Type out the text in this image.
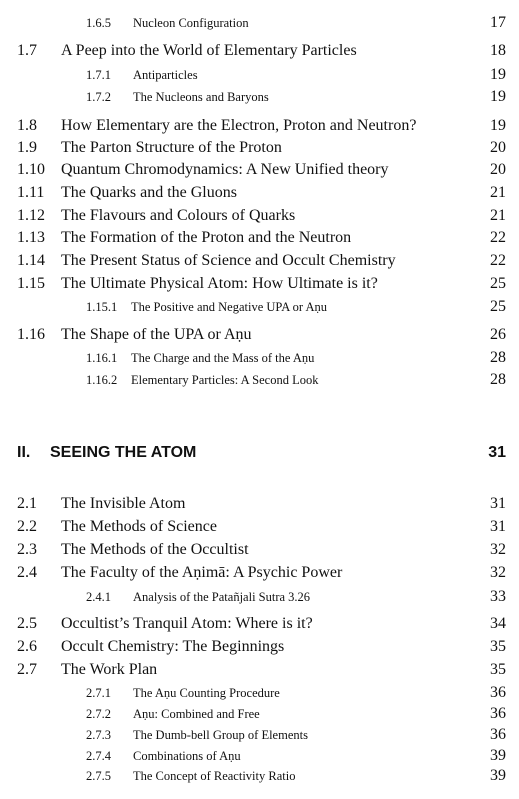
1.6.5 Nucleon Configuration	17
1.7 A Peep into the World of Elementary Particles	18
1.7.1 Antiparticles	19
1.7.2 The Nucleons and Baryons	19
1.8 How Elementary are the Electron, Proton and Neutron?	19
1.9 The Parton Structure of the Proton	20
1.10 Quantum Chromodynamics: A New Unified theory	20
1.11 The Quarks and the Gluons	21
1.12 The Flavours and Colours of Quarks	21
1.13 The Formation of the Proton and the Neutron	22
1.14 The Present Status of Science and Occult Chemistry	22
1.15 The Ultimate Physical Atom: How Ultimate is it?	25
1.15.1 The Positive and Negative UPA or Aṇu	25
1.16 The Shape of the UPA or Aṇu	26
1.16.1 The Charge and the Mass of the Aṇu	28
1.16.2 Elementary Particles: A Second Look	28
II. SEEING THE ATOM	31
2.1 The Invisible Atom	31
2.2 The Methods of Science	31
2.3 The Methods of the Occultist	32
2.4 The Faculty of the Aṇimā: A Psychic Power	32
2.4.1 Analysis of the Patañjali Sutra 3.26	33
2.5 Occultist’s Tranquil Atom: Where is it?	34
2.6 Occult Chemistry: The Beginnings	35
2.7 The Work Plan	35
2.7.1 The Aṇu Counting Procedure	36
2.7.2 Aṇu: Combined and Free	36
2.7.3 The Dumb-bell Group of Elements	36
2.7.4 Combinations of Aṇu	39
2.7.5 The Concept of Reactivity Ratio	39
